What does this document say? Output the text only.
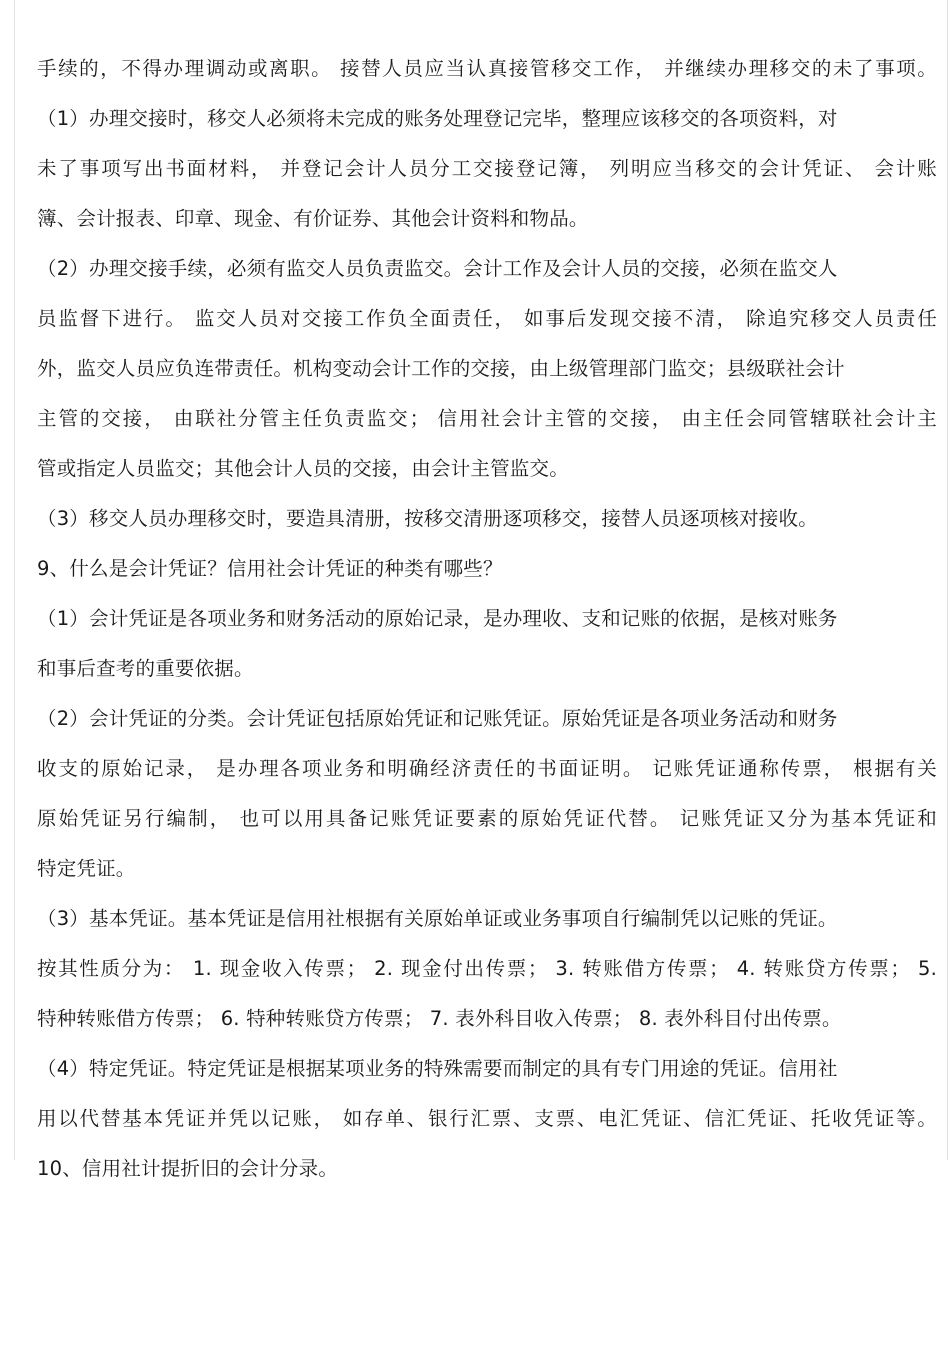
手续的，不得办理调动或离职。 接替人员应当认真接管移交工作， 并继续办理移交的未了事项。
（1）办理交接时，移交人必须将未完成的账务处理登记完毕，整理应该移交的各项资料，对
未了事项写出书面材料， 并登记会计人员分工交接登记簿， 列明应当移交的会计凭证、 会计账
簿、会计报表、印章、现金、有价证券、其他会计资料和物品。
（2）办理交接手续，必须有监交人员负责监交。会计工作及会计人员的交接，必须在监交人
员监督下进行。 监交人员对交接工作负全面责任， 如事后发现交接不清， 除追究移交人员责任
外，监交人员应负连带责任。机构变动会计工作的交接，由上级管理部门监交；县级联社会计
主管的交接， 由联社分管主任负责监交； 信用社会计主管的交接， 由主任会同管辖联社会计主
管或指定人员监交；其他会计人员的交接，由会计主管监交。
（3）移交人员办理移交时，要造具清册，按移交清册逐项移交，接替人员逐项核对接收。
9、什么是会计凭证？信用社会计凭证的种类有哪些？
（1）会计凭证是各项业务和财务活动的原始记录，是办理收、支和记账的依据，是核对账务
和事后查考的重要依据。
（2）会计凭证的分类。会计凭证包括原始凭证和记账凭证。原始凭证是各项业务活动和财务
收支的原始记录， 是办理各项业务和明确经济责任的书面证明。 记账凭证通称传票， 根据有关
原始凭证另行编制， 也可以用具备记账凭证要素的原始凭证代替。 记账凭证又分为基本凭证和
特定凭证。
（3）基本凭证。基本凭证是信用社根据有关原始单证或业务事项自行编制凭以记账的凭证。
按其性质分为： 1. 现金收入传票； 2. 现金付出传票； 3. 转账借方传票； 4. 转账贷方传票； 5.
特种转账借方传票； 6. 特种转账贷方传票； 7. 表外科目收入传票； 8. 表外科目付出传票。
（4）特定凭证。特定凭证是根据某项业务的特殊需要而制定的具有专门用途的凭证。信用社
用以代替基本凭证并凭以记账， 如存单、银行汇票、支票、电汇凭证、信汇凭证、托收凭证等。
10、信用社计提折旧的会计分录。
